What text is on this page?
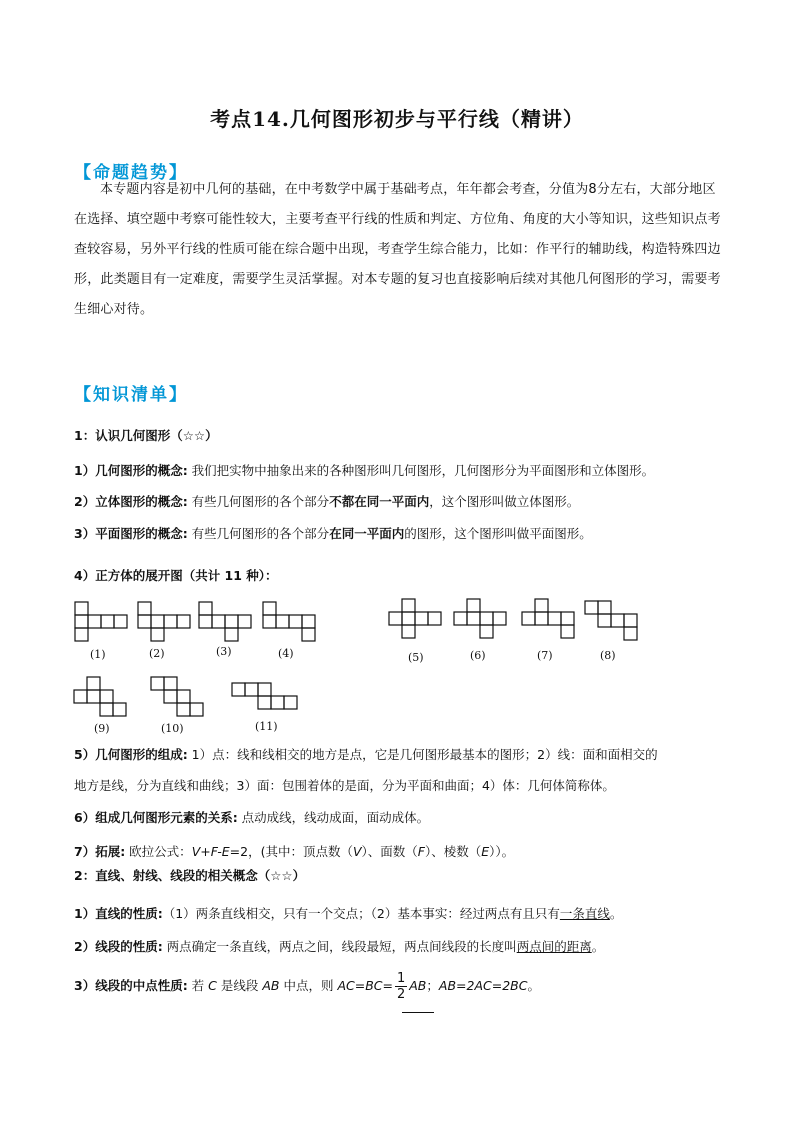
考点14.几何图形初步与平行线（精讲）
【命题趋势】
本专题内容是初中几何的基础，在中考数学中属于基础考点，年年都会考查，分值为8分左右，大部分地区在选择、填空题中考察可能性较大，主要考查平行线的性质和判定、方位角、角度的大小等知识，这些知识点考查较容易，另外平行线的性质可能在综合题中出现，考查学生综合能力，比如：作平行的辅助线，构造特殊四边形，此类题目有一定难度，需要学生灵活掌握。对本专题的复习也直接影响后续对其他几何图形的学习，需要考生细心对待。
【知识清单】
1：认识几何图形（☆☆）
1）几何图形的概念: 我们把实物中抽象出来的各种图形叫几何图形，几何图形分为平面图形和立体图形。
2）立体图形的概念: 有些几何图形的各个部分不都在同一平面内，这个图形叫做立体图形。
3）平面图形的概念: 有些几何图形的各个部分在同一平面内的图形，这个图形叫做平面图形。
4）正方体的展开图（共计 11 种）：
(1)	(2)	(3)	(4)	(5)	(6)	(7)	(8)
(9)	(10)	(11)
5）几何图形的组成: 1）点：线和线相交的地方是点，它是几何图形最基本的图形；2）线：面和面相交的
地方是线，分为直线和曲线；3）面：包围着体的是面，分为平面和曲面；4）体：几何体简称体。
6）组成几何图形元素的关系: 点动成线，线动成面，面动成体。
7）拓展: 欧拉公式：V+F-E=2，(其中：顶点数（V）、面数（F）、棱数（E））。
2：直线、射线、线段的相关概念（☆☆）
1）直线的性质:（1）两条直线相交，只有一个交点；（2）基本事实：经过两点有且只有一条直线。
2）线段的性质: 两点确定一条直线，两点之间，线段最短，两点间线段的长度叫两点间的距离。
3）线段的中点性质: 若 C 是线段 AB 中点，则 $AC=BC= \frac{1}{2}$ AB；AB=2AC=2BC。
